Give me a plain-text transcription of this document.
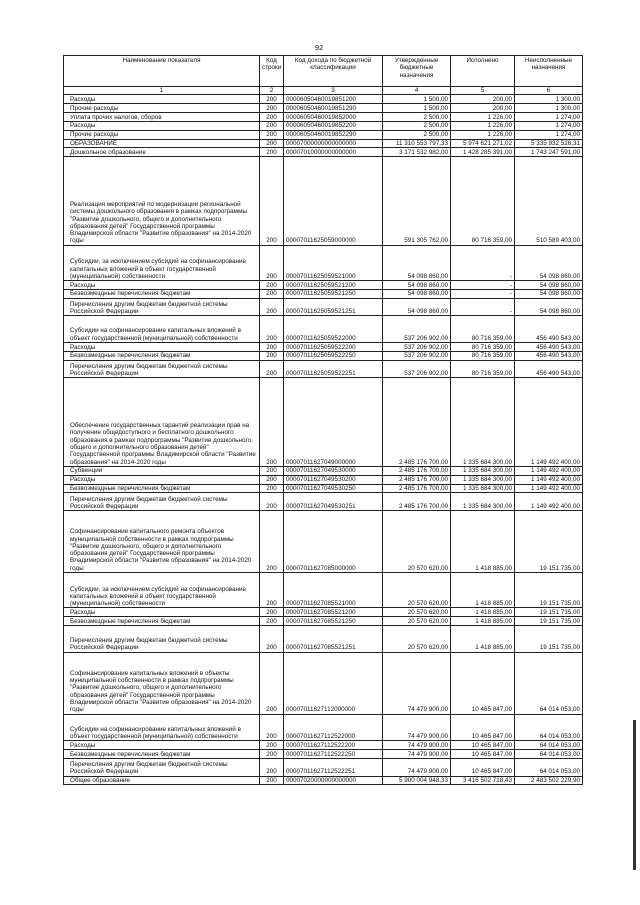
92
Наименование показателя	Код строки	Код дохода по бюджетной классификации	Утвержденные бюджетные назначения	Исполнено	Неисполненные назначения
1	2	3	4	5	6
Расходы	200	000060504600198512‍00	1 500,00	200,00	1 300,00
Прочие расходы	200	00006050460019851290	1 500,00	200,00	1 300,00
Уплата прочих налогов, сборов	200	00006050460019852000	2 500,00	1 226,00	1 274,00
Расходы	200	00006050460019852200	2 500,00	1 226,00	1 274,00
Прочие расходы	200	00006050460019852290	2 500,00	1 226,00	1 274,00
ОБРАЗОВАНИЕ	200	00007000000000000000	11 310 553 797,33	5 974 621 271,02	5 335 932 526,31
Дошкольное образование	200	00007010000000000000	3 171 532 982,00	1 428 285 391,00	1 743 247 591,00
Реализация мероприятий по модернизации региональной системы дошкольного образования в рамках подпрограммы "Развитие дошкольного, общего и дополнительного образования детей" Государственной программы Владимирской области "Развитие образования" на 2014-2020 годы	200	00007011625059000000	591 305 762,00	80 716 359,00	510 589 403,00
Субсидии, за исключением субсидий на софинансирование капитальных вложений в объект государственной (муниципальной) собственности	200	00007011625059521000	54 098 860,00	-	54 098 860,00
Расходы	200	00007011625059521200	54 098 860,00	-	54 098 860,00
Безвозмездные перечисления бюджетам	200	00007011625059521250	54 098 860,00	-	54 098 860,00
Перечисления другим бюджетам бюджетной системы Российской Федерации	200	00007011625059521251	54 098 860,00	-	54 098 860,00
Субсидии на софинансирование капитальных вложений в объект государственной (муниципальной) собственности	200	00007011625059522000	537 206 902,00	80 716 359,00	456 490 543,00
Расходы	200	00007011625059522200	537 206 902,00	80 716 359,00	456 490 543,00
Безвозмездные перечисления бюджетам	200	00007011625059522250	537 206 902,00	80 716 359,00	456 490 543,00
Перечисления другим бюджетам бюджетной системы Российской Федерации	200	00007011625059522251	537 206 902,00	80 716 359,00	456 490 543,00
Обеспечение государственных гарантий реализации прав на получение общедоступного и бесплатного дошкольного образования в рамках подпрограммы "Развитие дошкольного, общего и дополнительного образования детей" Государственной программы Владимирской области "Развитие образования" на 2014-2020 годы	200	00007011627049000000	2 485 176 700,00	1 335 684 300,00	1 149 492 400,00
Субвенции	200	00007011627049530000	2 485 176 700,00	1 335 684 300,00	1 149 492 400,00
Расходы	200	00007011627049530200	2 485 176 700,00	1 335 684 300,00	1 149 492 400,00
Безвозмездные перечисления бюджетам	200	00007011627049530250	2 485 176 700,00	1 335 684 300,00	1 149 492 400,00
Перечисления другим бюджетам бюджетной системы Российской Федерации	200	00007011627049530251	2 485 176 700,00	1 335 684 300,00	1 149 492 400,00
Софинансирование капитального ремонта объектов муниципальной собственности в рамках подпрограммы "Развитие дошкольного, общего и дополнительного образования детей" Государственной программы Владимирской области "Развитие образования" на 2014-2020 годы	200	00007011627085000000	20 570 620,00	1 418 885,00	19 151 735,00
Субсидии, за исключением субсидий на софинансирование капитальных вложений в объект государственной (муниципальной) собственности	200	00007011627085521000	20 570 620,00	1 418 885,00	19 151 735,00
Расходы	200	00007011627085521200	20 570 620,00	1 418 885,00	19 151 735,00
Безвозмездные перечисления бюджетам	200	00007011627085521250	20 570 620,00	1 418 885,00	19 151 735,00
Перечисления другим бюджетам бюджетной системы Российской Федерации	200	00007011627085521251	20 570 620,00	1 418 885,00	19 151 735,00
Софинансирование капитальных вложений в объекты муниципальной собственности в рамках подпрограммы "Развитие дошкольного, общего и дополнительного образования детей" Государственной программы Владимирской области "Развитие образования" на 2014-2020 годы	200	00007011627112000000	74 479 900,00	10 465 847,00	64 014 053,00
Субсидии на софинансирование капитальных вложений в объект государственной (муниципальной) собственности	200	00007011627112522000	74 479 900,00	10 465 847,00	64 014 053,00
Расходы	200	00007011627112522200	74 479 900,00	10 465 847,00	64 014 053,00
Безвозмездные перечисления бюджетам	200	00007011627112522250	74 479 900,00	10 465 847,00	64 014 053,00
Перечисления другим бюджетам бюджетной системы Российской Федерации	200	00007011627112522251	74 479 900,00	10 465 847,00	64 014 053,00
Общее образование	200	00007020000000000000	5 900 004 948,33	3 416 502 718,43	2 483 502 229,90
